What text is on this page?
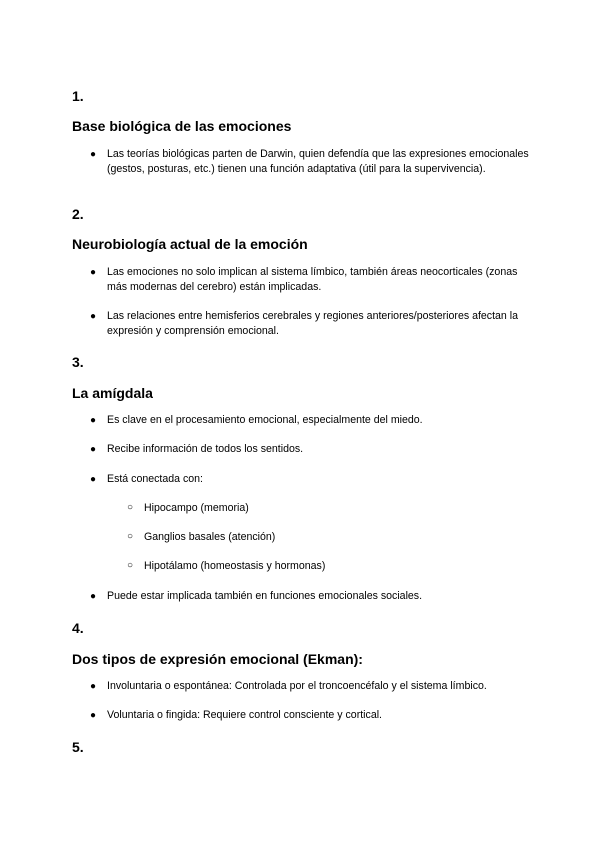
1.
Base biológica de las emociones
● Las teorías biológicas parten de Darwin, quien defendía que las expresiones emocionales (gestos, posturas, etc.) tienen una función adaptativa (útil para la supervivencia).
2.
Neurobiología actual de la emoción
● Las emociones no solo implican al sistema límbico, también áreas neocorticales (zonas más modernas del cerebro) están implicadas.
● Las relaciones entre hemisferios cerebrales y regiones anteriores/posteriores afectan la expresión y comprensión emocional.
3.
La amígdala
● Es clave en el procesamiento emocional, especialmente del miedo.
● Recibe información de todos los sentidos.
● Está conectada con:
○ Hipocampo (memoria)
○ Ganglios basales (atención)
○ Hipotálamo (homeostasis y hormonas)
● Puede estar implicada también en funciones emocionales sociales.
4.
Dos tipos de expresión emocional (Ekman):
● Involuntaria o espontánea: Controlada por el troncoencéfalo y el sistema límbico.
● Voluntaria o fingida: Requiere control consciente y cortical.
5.
